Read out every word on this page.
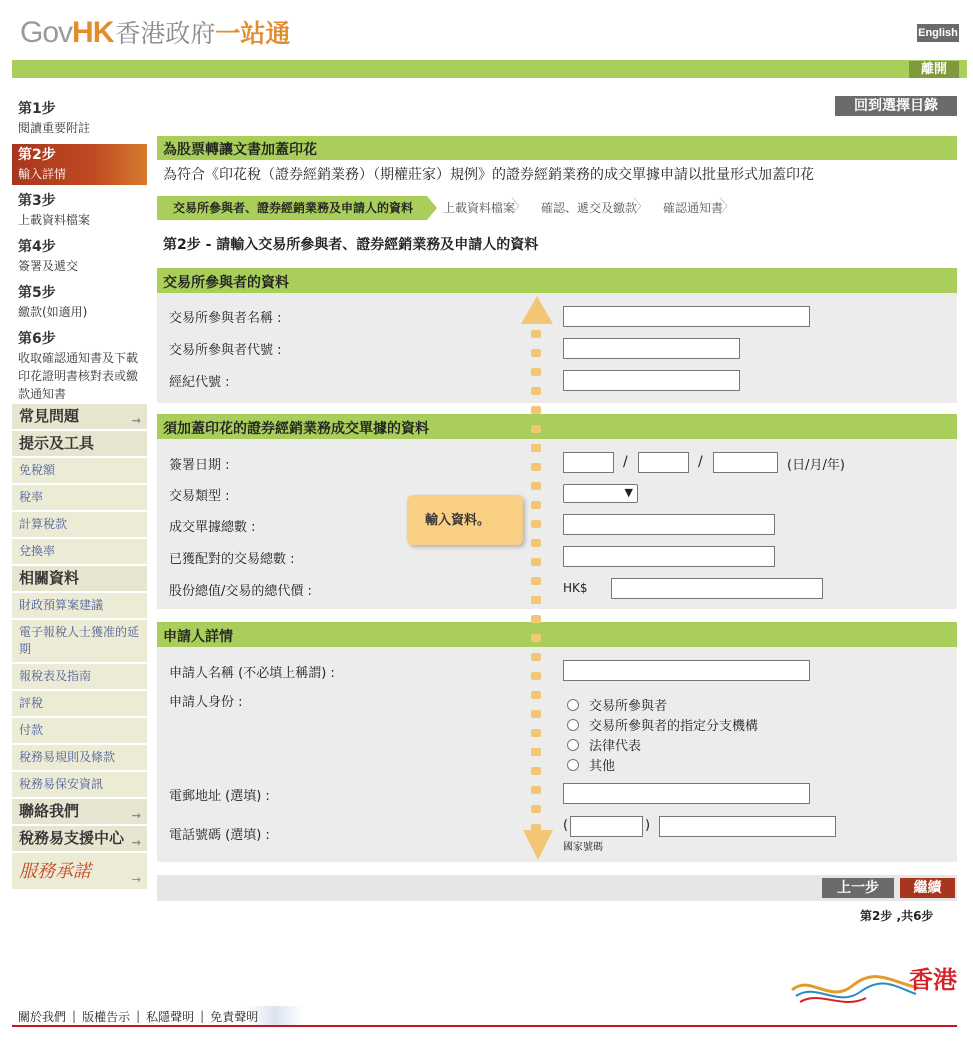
Gov HK 香港政府 一站通	English
離開
第1步
閱讀重要附註
第2步
輸入詳情
第3步
上載資料檔案
第4步
簽署及遞交
第5步
繳款(如適用)
第6步
收取確認通知書及下載印花證明書核對表或繳款通知書
常見問題	→
提示及工具
免稅額
稅率
計算稅款
兌換率
相關資料
財政預算案建議
電子報稅人士獲准的延期
報稅表及指南
評稅
付款
稅務易規則及條款
稅務易保安資訊
聯絡我們	→
稅務易支援中心 →
服務承諾	→
回到選擇目錄
為股票轉讓文書加蓋印花
為符合《印花稅（證券經銷業務）（期權莊家）規例》的證券經銷業務的成交單據申請以批量形式加蓋印花
交易所參與者、證券經銷業務及申請人的資料	上載資料檔案
〉	確認、遞交及繳款
〉	確認通知書
〉
第2步 - 請輸入交易所參與者、證券經銷業務及申請人的資料
交易所參與者的資料
交易所參與者名稱 :
交易所參與者代號 :
經紀代號 :
須加蓋印花的證券經銷業務成交單據的資料
簽署日期 :	/	/	(日/月/年)
交易類型 :	▼
成交單據總數 :
已獲配對的交易總數 :
股份總值/交易的總代價 :	HK$
申請人詳情
申請人名稱 (不必填上稱謂) :
申請人身份 :	交易所參與者
交易所參與者的指定分支機構
法律代表
其他
電郵地址 (選填) :
電話號碼 (選填) :
(	)
國家號碼
輸入資料。
上一步	繼續
第2步 ,共6步
香港
關於我們 | 版權告示 | 私隱聲明 | 免責聲明
